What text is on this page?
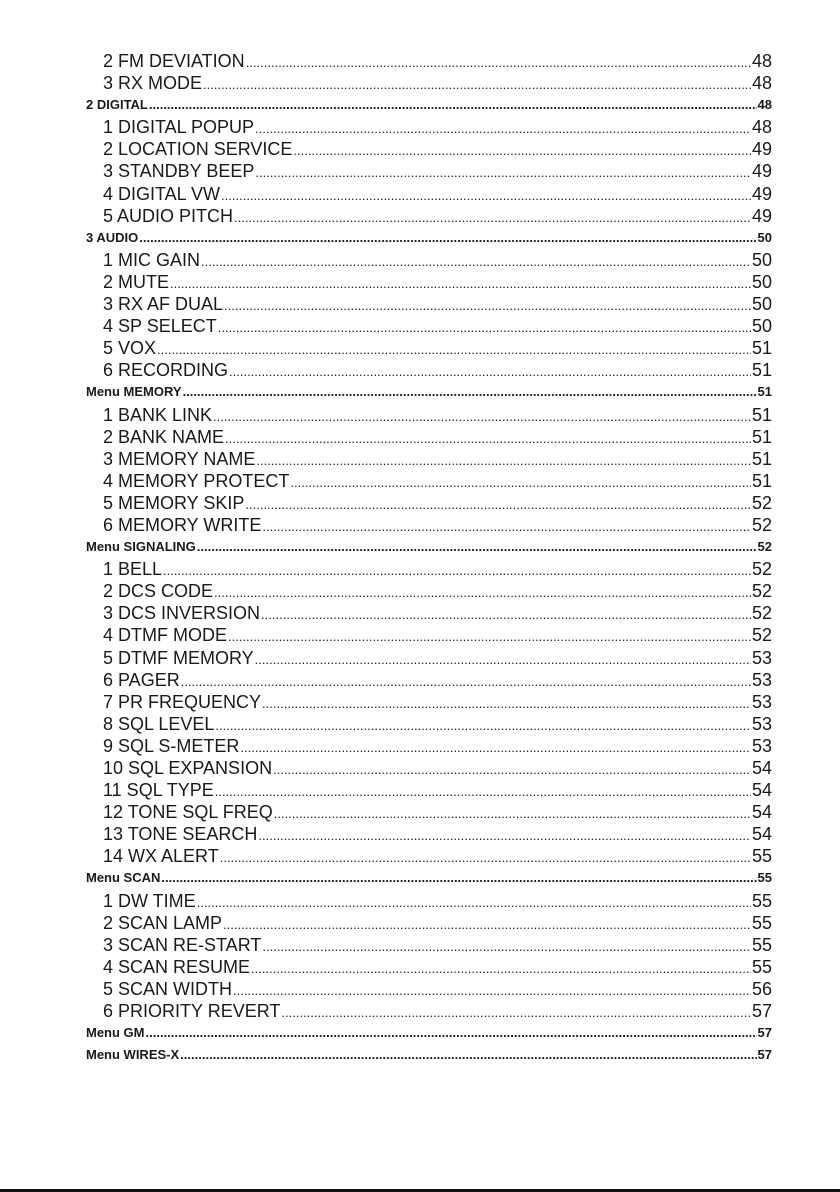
2 FM DEVIATION .....	48
3 RX MODE .....	48
2 DIGITAL .....	48
1 DIGITAL POPUP .....	48
2 LOCATION SERVICE .....	49
3 STANDBY BEEP .....	49
4 DIGITAL VW .....	49
5 AUDIO PITCH .....	49
3 AUDIO .....	50
1 MIC GAIN .....	50
2 MUTE .....	50
3 RX AF DUAL .....	50
4 SP SELECT .....	50
5 VOX .....	51
6 RECORDING .....	51
Menu MEMORY .....	51
1 BANK LINK .....	51
2 BANK NAME .....	51
3 MEMORY NAME .....	51
4 MEMORY PROTECT .....	51
5 MEMORY SKIP .....	52
6 MEMORY WRITE .....	52
Menu SIGNALING .....	52
1 BELL .....	52
2 DCS CODE .....	52
3 DCS INVERSION .....	52
4 DTMF MODE .....	52
5 DTMF MEMORY .....	53
6 PAGER .....	53
7 PR FREQUENCY .....	53
8 SQL LEVEL .....	53
9 SQL S-METER .....	53
10 SQL EXPANSION .....	54
11 SQL TYPE .....	54
12 TONE SQL FREQ .....	54
13 TONE SEARCH .....	54
14 WX ALERT .....	55
Menu SCAN .....	55
1 DW TIME .....	55
2 SCAN LAMP .....	55
3 SCAN RE-START .....	55
4 SCAN RESUME .....	55
5 SCAN WIDTH .....	56
6 PRIORITY REVERT .....	57
Menu GM .....	57
Menu WIRES-X .....	57
